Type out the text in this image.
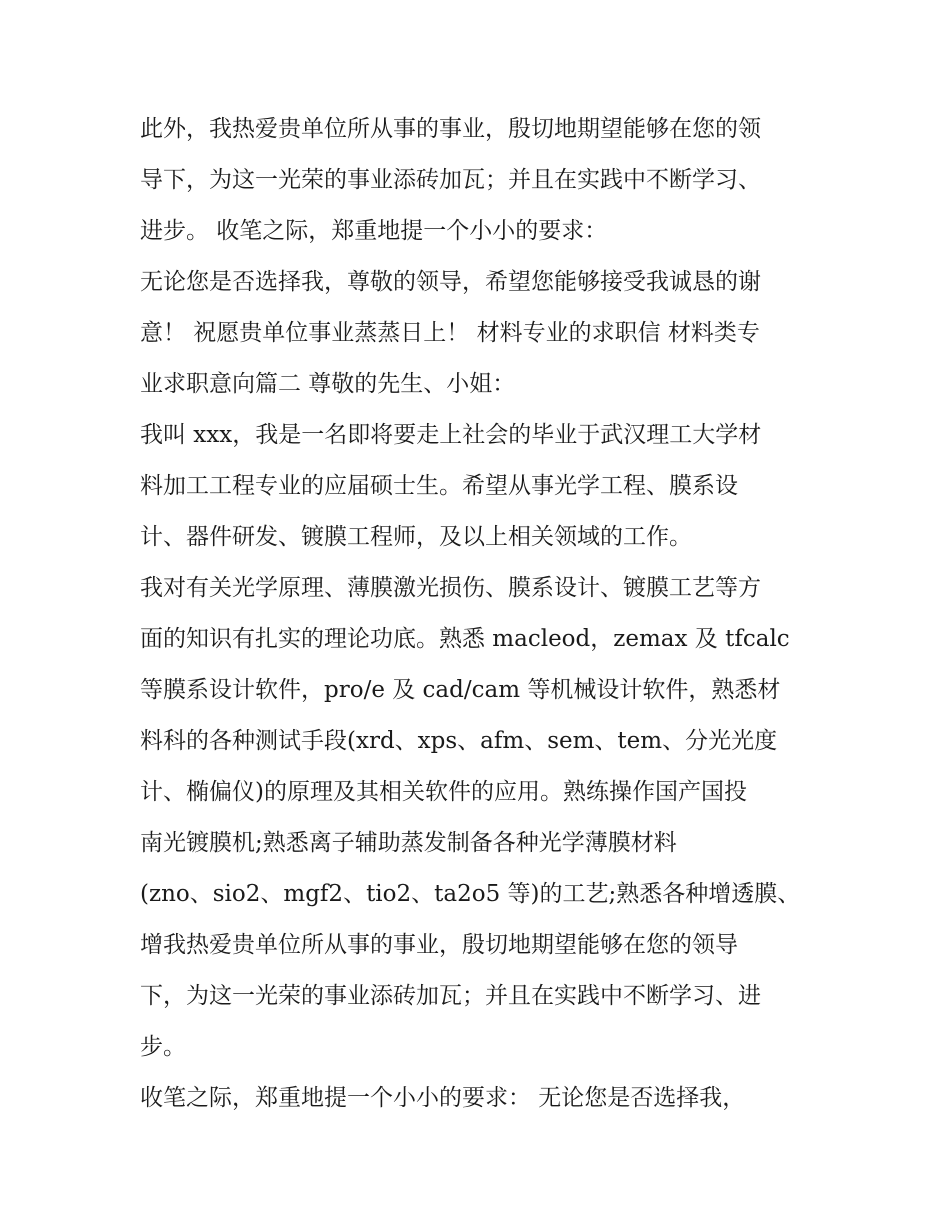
此外，我热爱贵单位所从事的事业，殷切地期望能够在您的领
导下，为这一光荣的事业添砖加瓦；并且在实践中不断学习、
进步。 收笔之际，郑重地提一个小小的要求：
无论您是否选择我，尊敬的领导，希望您能够接受我诚恳的谢
意！ 祝愿贵单位事业蒸蒸日上！ 材料专业的求职信 材料类专
业求职意向篇二 尊敬的先生、小姐：
我叫 xxx，我是一名即将要走上社会的毕业于武汉理工大学材
料加工工程专业的应届硕士生。希望从事光学工程、膜系设
计、器件研发、镀膜工程师，及以上相关领域的工作。
我对有关光学原理、薄膜激光损伤、膜系设计、镀膜工艺等方
面的知识有扎实的理论功底。熟悉 macleod，zemax 及 tfcalc
等膜系设计软件，pro/e 及 cad/cam 等机械设计软件，熟悉材
料科的各种测试手段(xrd、xps、afm、sem、tem、分光光度
计、椭偏仪)的原理及其相关软件的应用。熟练操作国产国投
南光镀膜机;熟悉离子辅助蒸发制备各种光学薄膜材料
(zno、sio2、mgf2、tio2、ta2o5 等)的工艺;熟悉各种增透膜、
增我热爱贵单位所从事的事业，殷切地期望能够在您的领导
下，为这一光荣的事业添砖加瓦；并且在实践中不断学习、进
步。
收笔之际，郑重地提一个小小的要求： 无论您是否选择我，
